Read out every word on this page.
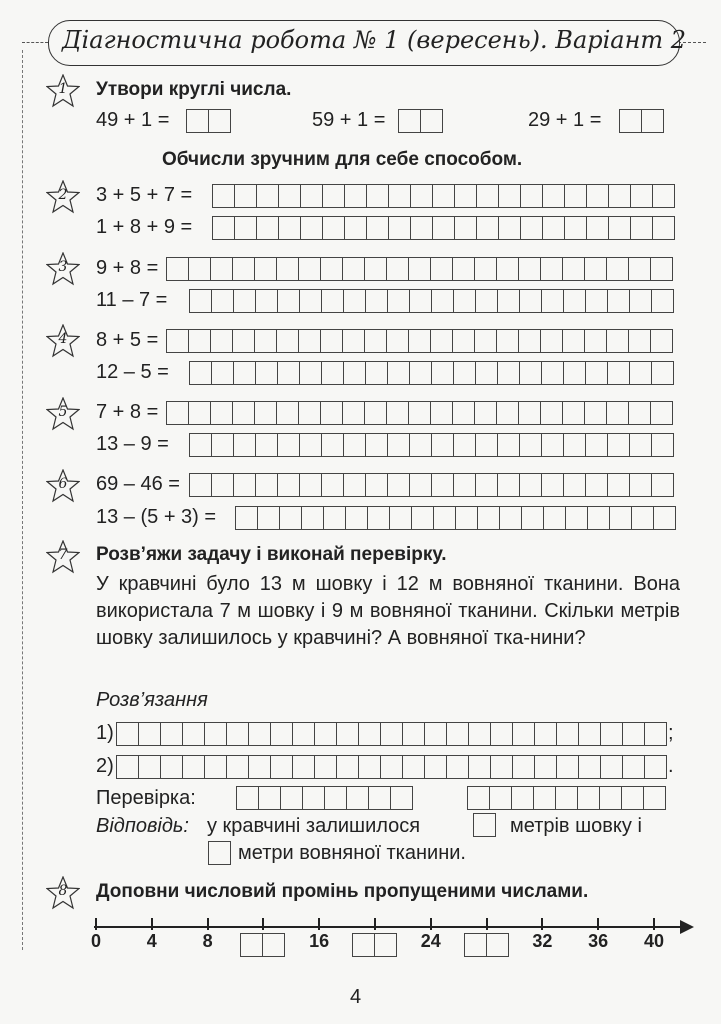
Діагностична робота № 1 (вересень). Варіант 2
1	Утвори круглі числа.
49 + 1 =	59 + 1 =	29 + 1 =
Обчисли зручним для себе способом.
2	3 + 5 + 7 =
1 + 8 + 9 =
3	9 + 8 =
11 – 7 =
4	8 + 5 =
12 – 5 =
5	7 + 8 =
13 – 9 =
6	69 – 46 =
13 – (5 + 3) =
7	Розв’яжи задачу і виконай перевірку.
У кравчині було 13 м шовку і 12 м вовняної тканини. Вона використала 7 м шовку і 9 м вовняної тканини. Скільки метрів шовку залишилось у кравчині? А вовняної тка-нини?
Розв’язання
1)	;
2)	.
Перевірка:
Відповідь: у кравчині залишилося	метрів шовку і
метри вовняної тканини.
8	Доповни числовий промінь пропущеними числами.
0	4	8	16	24	32	36	40
4
